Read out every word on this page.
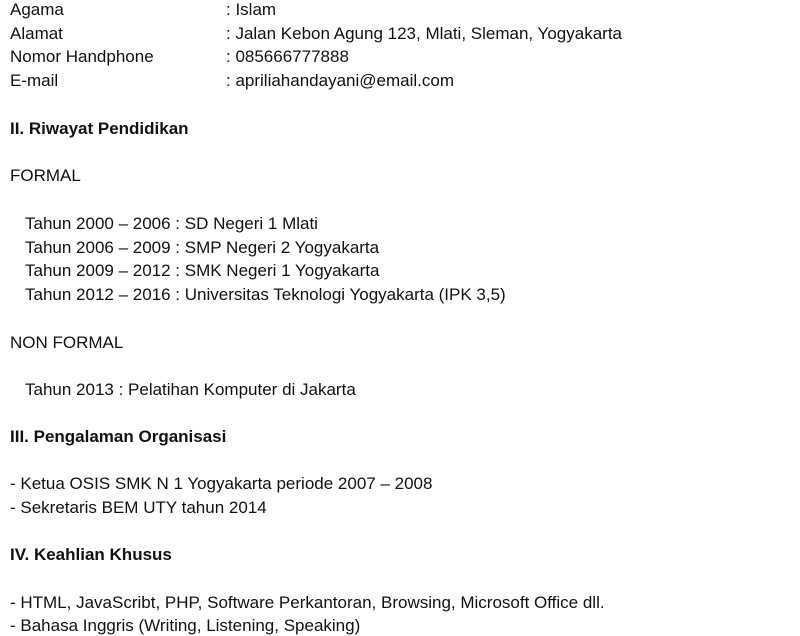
Agama	: Islam
Alamat	: Jalan Kebon Agung 123, Mlati, Sleman, Yogyakarta
Nomor Handphone	: 085666777888
E-mail	: apriliahandayani@email.com
II. Riwayat Pendidikan
FORMAL
Tahun 2000 – 2006 : SD Negeri 1 Mlati
Tahun 2006 – 2009 : SMP Negeri 2 Yogyakarta
Tahun 2009 – 2012 : SMK Negeri 1 Yogyakarta
Tahun 2012 – 2016 : Universitas Teknologi Yogyakarta (IPK 3,5)
NON FORMAL
Tahun 2013 : Pelatihan Komputer di Jakarta
III. Pengalaman Organisasi
- Ketua OSIS SMK N 1 Yogyakarta periode 2007 – 2008
- Sekretaris BEM UTY tahun 2014
IV. Keahlian Khusus
- HTML, JavaScribt, PHP, Software Perkantoran, Browsing, Microsoft Office dll.
- Bahasa Inggris (Writing, Listening, Speaking)
